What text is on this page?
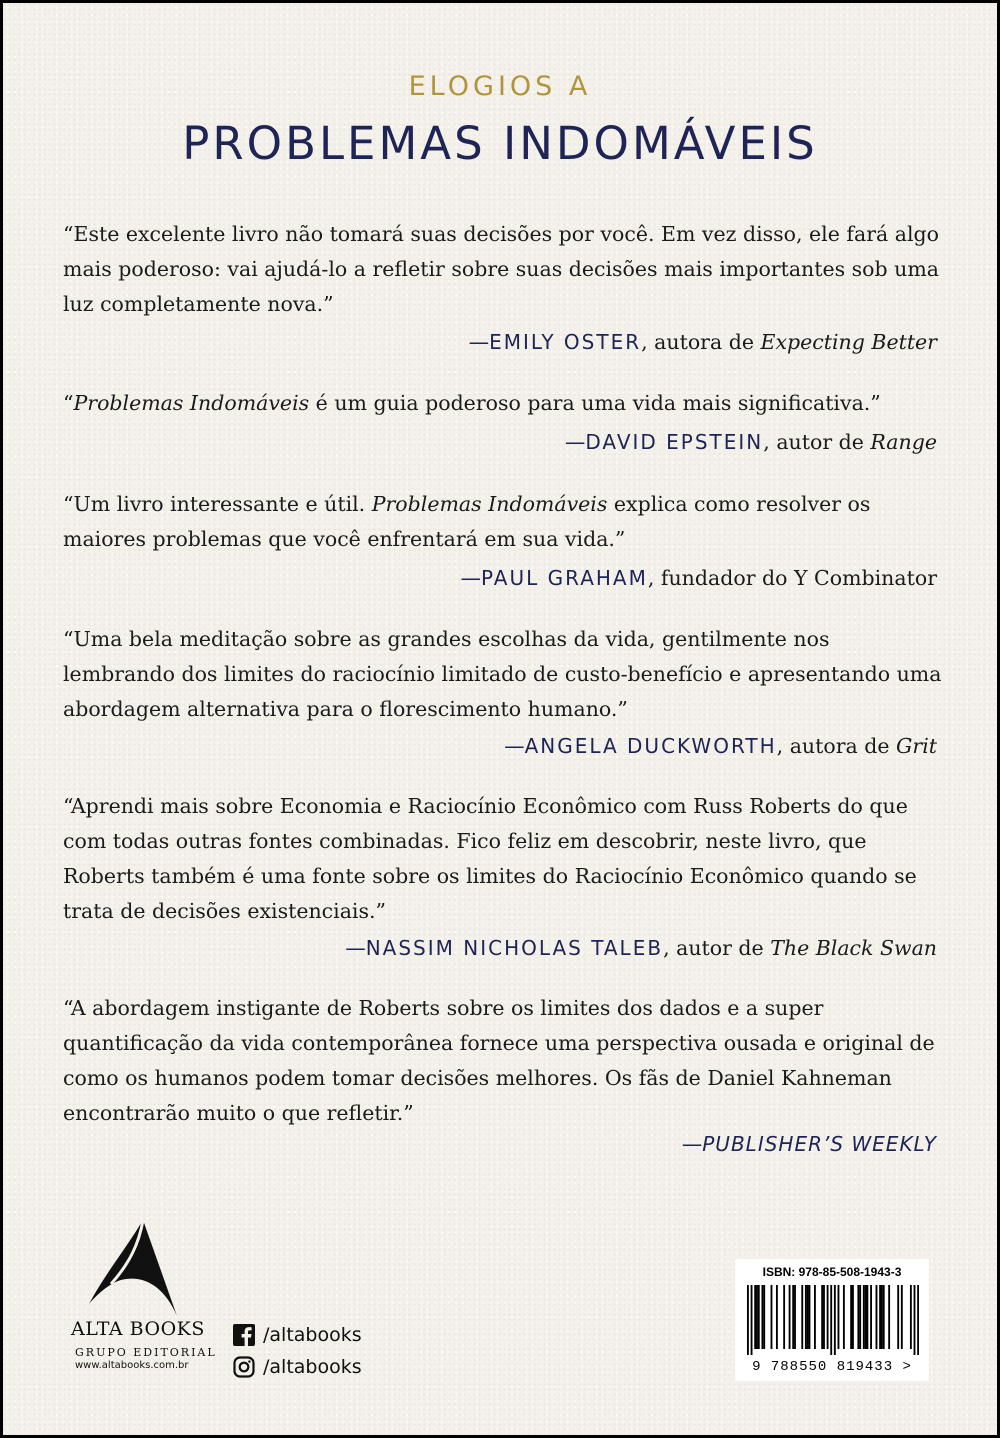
ELOGIOS A
PROBLEMAS INDOMÁVEIS

“Este excelente livro não tomará suas decisões por você. Em vez disso, ele fará algo mais poderoso: vai ajudá-lo a refletir sobre suas decisões mais importantes sob uma luz completamente nova.”

—EMILY OSTER, autora de Expecting Better

“Problemas Indomáveis é um guia poderoso para uma vida mais significativa.”

—DAVID EPSTEIN, autor de Range

“Um livro interessante e útil. Problemas Indomáveis explica como resolver os maiores problemas que você enfrentará em sua vida.”

—PAUL GRAHAM, fundador do Y Combinator

“Uma bela meditação sobre as grandes escolhas da vida, gentilmente nos lembrando dos limites do raciocínio limitado de custo-benefício e apresentando uma abordagem alternativa para o florescimento humano.”

—ANGELA DUCKWORTH, autora de Grit

“Aprendi mais sobre Economia e Raciocínio Econômico com Russ Roberts do que com todas outras fontes combinadas. Fico feliz em descobrir, neste livro, que Roberts também é uma fonte sobre os limites do Raciocínio Econômico quando se trata de decisões existenciais.”

—NASSIM NICHOLAS TALEB, autor de The Black Swan

“A abordagem instigante de Roberts sobre os limites dos dados e a super quantificação da vida contemporânea fornece uma perspectiva ousada e original de como os humanos podem tomar decisões melhores. Os fãs de Daniel Kahneman encontrarão muito o que refletir.”

—PUBLISHER’S WEEKLY
ALTA BOOKS
GRUPO EDITORIAL
www.altabooks.com.br
/altabooks
/altabooks
ISBN: 978-85-508-1943-3
9 788550 819433 >
